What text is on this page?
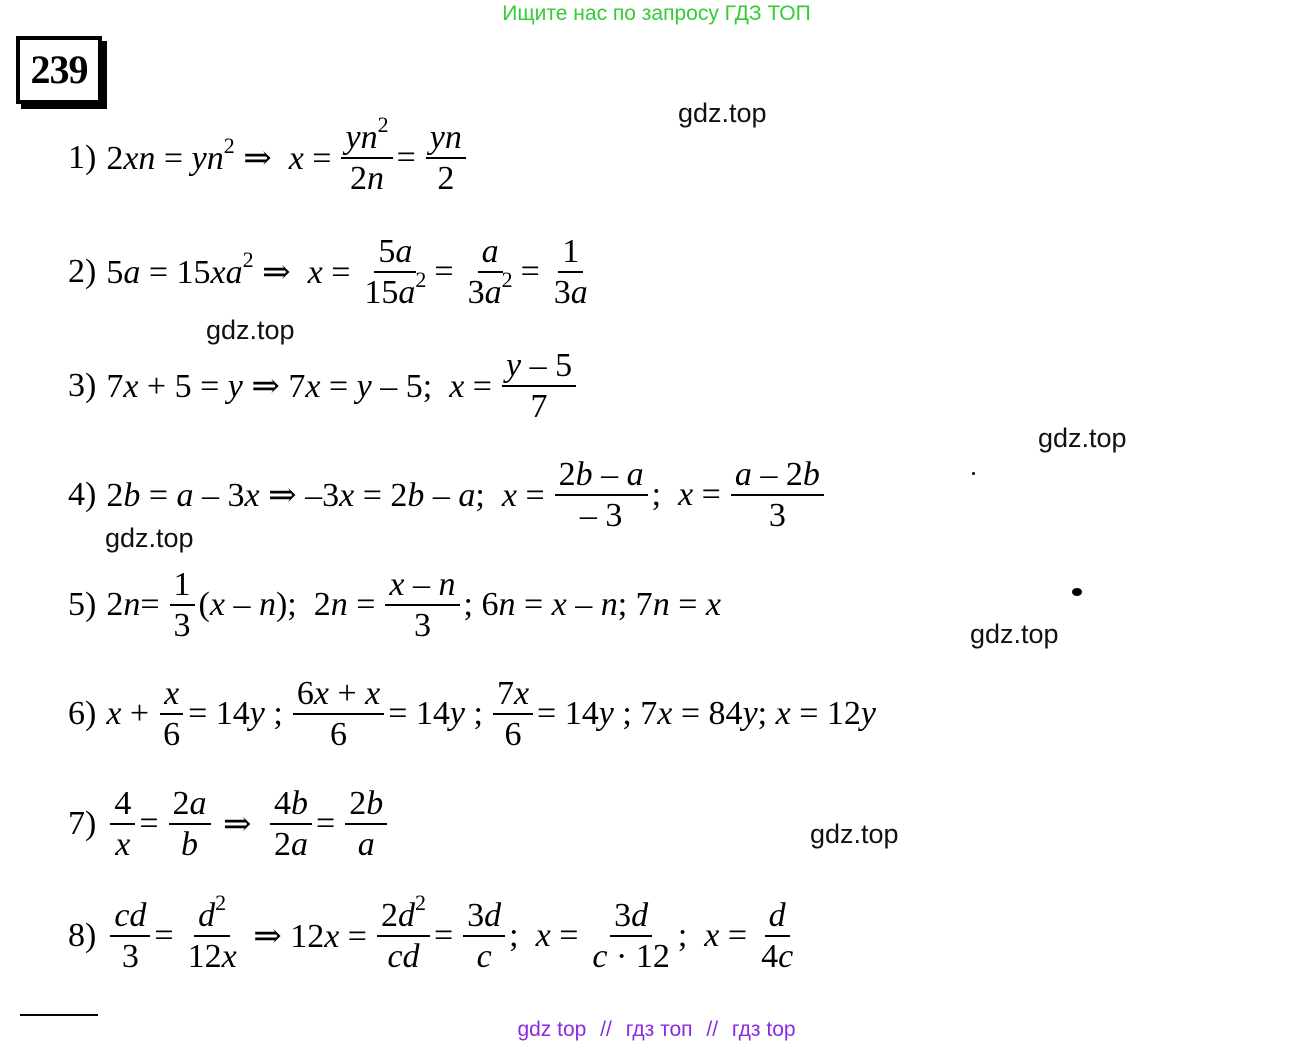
Ищите нас по запросу ГДЗ ТОП
239
gdz.top
gdz.top
gdz.top
gdz.top
gdz.top
gdz.top
1) $2xn = yn^2$ ⇒  $x = \frac{yn^2}{2n} = \frac{yn}{2}$
2) $5a = 15xa^2$ ⇒  $x = \frac{5a}{15a^2} = \frac{a}{3a^2} = \frac{1}{3a}$
3) 7x + 5 = y ⇒ 7x = y – 5;  $x = \frac{y - 5}{7}$
4) 2b = a – 3x ⇒ –3x = 2b – a;  $x = \frac{2b - a}{- 3}$ ;  $x = \frac{a - 2b}{3}$
5) $2n= \frac{1}{3} (x - n)$;  $2n = \frac{x - n}{3}$ ; 6n = x – n; 7n = x
6) $x + \frac{x}{6} = 14y$ ; $\frac{6x + x}{6} = 14y$ ; $\frac{7x}{6} = 14y$ ; 7x = 84y; x = 12y
$7) \frac{4}{x} = \frac{2a}{b}$ ⇒ $\frac{4b}{2a} = \frac{2b}{a}$
$8) \frac{cd}{3} = \frac{d^2}{12x}$ ⇒ $12x = \frac{2d^2}{cd} = \frac{3d}{c}$ ;  $x = \frac{3d}{c \cdot 12}$ ;  $x = \frac{d}{4c}$
gdz top // гдз топ // гдз top
